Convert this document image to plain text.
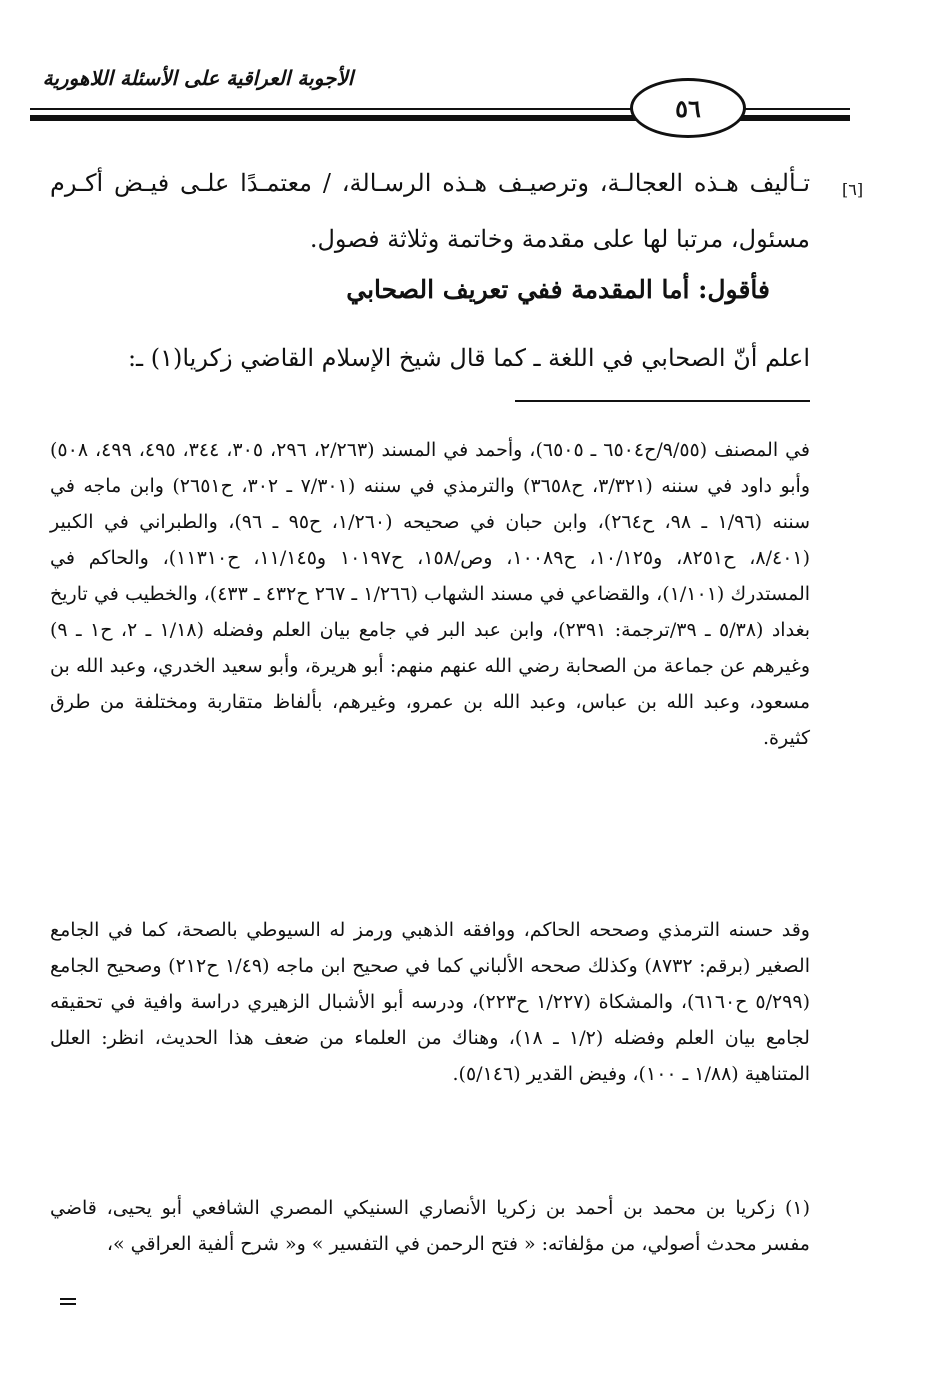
الأجوبة العراقية على الأسئلة اللاهورية
٥٦
[٦]
تـأليف هـذه العجالـة، وترصيـف هـذه الرسـالة، / معتمـدًا علـى فيـض أكـرم مسئول، مرتبا لها على مقدمة وخاتمة وثلاثة فصول.
فأقول: أما المقدمة ففي تعريف الصحابي
اعلم أنّ الصحابي في اللغة ـ كما قال شيخ الإسلام القاضي زكريا(١) ـ:
في المصنف (٩/٥٥/ح٦٥٠٤ ـ ٦٥٠٥)، وأحمد في المسند (٢/٢٦٣، ٢٩٦، ٣٠٥، ٣٤٤، ٤٩٥، ٤٩٩، ٥٠٨) وأبو داود في سننه (٣/٣٢١، ح٣٦٥٨) والترمذي في سننه (٧/٣٠١ ـ ٣٠٢، ح٢٦٥١) وابن ماجه في سننه (١/٩٦ ـ ٩٨، ح٢٦٤)، وابن حبان في صحيحه (١/٢٦٠، ح٩٥ ـ ٩٦)، والطبراني في الكبير (٨/٤٠١، ح٨٢٥١، و١٠/١٢٥، ح١٠٠٨٩، وص/١٥٨، ح١٠١٩٧ و١١/١٤٥، ح١١٣١٠)، والحاكم في المستدرك (١/١٠١)، والقضاعي في مسند الشهاب (١/٢٦٦ ـ ٢٦٧ ح٤٣٢ ـ ٤٣٣)، والخطيب في تاريخ بغداد (٥/٣٨ ـ ٣٩/ترجمة: ٢٣٩١)، وابن عبد البر في جامع بيان العلم وفضله (١/١٨ ـ ٢، ح١ ـ ٩) وغيرهم عن جماعة من الصحابة رضي الله عنهم منهم: أبو هريرة، وأبو سعيد الخدري، وعبد الله بن مسعود، وعبد الله بن عباس، وعبد الله بن عمرو، وغيرهم، بألفاظ متقاربة ومختلفة من طرق كثيرة.
وقد حسنه الترمذي وصححه الحاكم، ووافقه الذهبي ورمز له السيوطي بالصحة، كما في الجامع الصغير (برقم: ٨٧٣٢) وكذلك صححه الألباني كما في صحيح ابن ماجه (١/٤٩ ح٢١٢) وصحيح الجامع (٥/٢٩٩ ح٦١٦٠)، والمشكاة (١/٢٢٧ ح٢٢٣)، ودرسه أبو الأشبال الزهيري دراسة وافية في تحقيقه لجامع بيان العلم وفضله (١/٢ ـ ١٨)، وهناك من العلماء من ضعف هذا الحديث، انظر: العلل المتناهية (١/٨٨ ـ ١٠٠)، وفيض القدير (٥/١٤٦).
(١) زكريا بن محمد بن أحمد بن زكريا الأنصاري السنيكي المصري الشافعي أبو يحيى، قاضي مفسر محدث أصولي، من مؤلفاته: « فتح الرحمن في التفسير » و« شرح ألفية العراقي »،
